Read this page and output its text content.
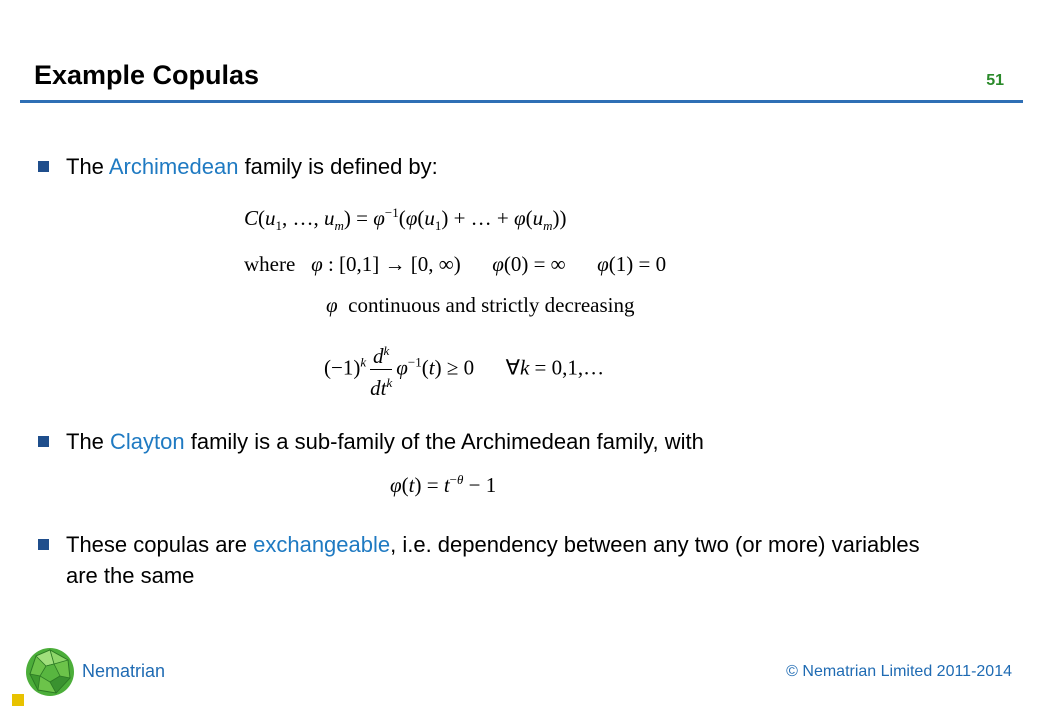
Example Copulas	51
The Archimedean family is defined by:
$C(u_1$, …, $u_m) = \varphi^{-1}(\varphi(u_1)$ + … + $\varphi(u_m)$)
where φ : [0,1] → [0, ∞)      φ(0) = ∞      φ(1) = 0
φ continuous and strictly decreasing
$(-1)^k \frac{d^k}{dt^k} \varphi^{-1}(t) \ge 0$      ∀k = 0,1,…
The Clayton family is a sub-family of the Archimedean family, with
$\varphi(t) = t^{-\theta} - 1$
These copulas are exchangeable, i.e. dependency between any two (or more) variables are the same
Nematrian	© Nematrian Limited 2011-2014
